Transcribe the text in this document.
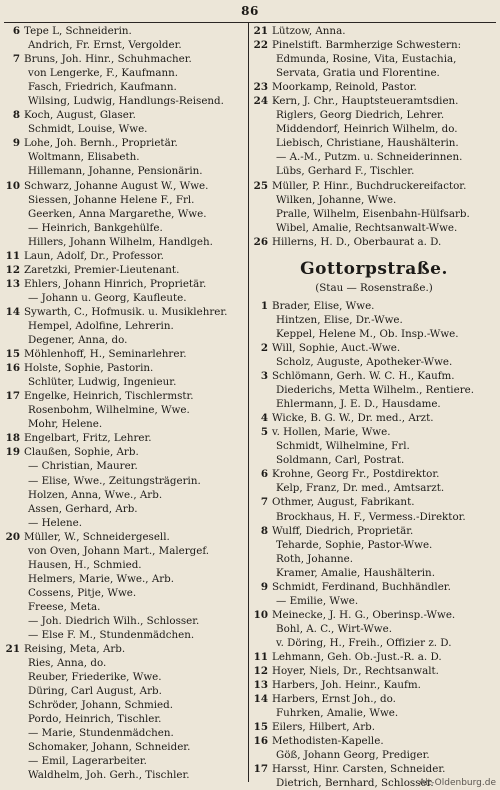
86
6 Tepe L, Schneiderin.
Andrich, Fr. Ernst, Vergolder.
7 Bruns, Joh. Hinr., Schuhmacher.
von Lengerke, F., Kaufmann.
Fasch, Friedrich, Kaufmann.
Wilsing, Ludwig, Handlungs-Reisend.
8 Koch, August, Glaser.
Schmidt, Louise, Wwe.
9 Lohe, Joh. Bernh., Proprietär.
Woltmann, Elisabeth.
Hillemann, Johanne, Pensionärin.
10 Schwarz, Johanne August W., Wwe.
Siessen, Johanne Helene F., Frl.
Geerken, Anna Margarethe, Wwe.
— Heinrich, Bankgehülfe.
Hillers, Johann Wilhelm, Handlgeh.
11 Laun, Adolf, Dr., Professor.
12 Zaretzki, Premier-Lieutenant.
13 Ehlers, Johann Hinrich, Proprietär.
— Johann u. Georg, Kaufleute.
14 Sywarth, C., Hofmusik. u. Musiklehrer.
Hempel, Adolfine, Lehrerin.
Degener, Anna, do.
15 Möhlenhoff, H., Seminarlehrer.
16 Holste, Sophie, Pastorin.
Schlüter, Ludwig, Ingenieur.
17 Engelke, Heinrich, Tischlermstr.
Rosenbohm, Wilhelmine, Wwe.
Mohr, Helene.
18 Engelbart, Fritz, Lehrer.
19 Claußen, Sophie, Arb.
— Christian, Maurer.
— Elise, Wwe., Zeitungsträgerin.
Holzen, Anna, Wwe., Arb.
Assen, Gerhard, Arb.
— Helene.
20 Müller, W., Schneidergesell.
von Oven, Johann Mart., Malergef.
Hausen, H., Schmied.
Helmers, Marie, Wwe., Arb.
Cossens, Pitje, Wwe.
Freese, Meta.
— Joh. Diedrich Wilh., Schlosser.
— Else F. M., Stundenmädchen.
21 Reising, Meta, Arb.
Ries, Anna, do.
Reuber, Friederike, Wwe.
Düring, Carl August, Arb.
Schröder, Johann, Schmied.
Pordo, Heinrich, Tischler.
— Marie, Stundenmädchen.
Schomaker, Johann, Schneider.
— Emil, Lagerarbeiter.
Waldhelm, Joh. Gerh., Tischler.
21 Lützow, Anna.
22 Pinelstift. Barmherzige Schwestern:
Edmunda, Rosine, Vita, Eustachia,
Servata, Gratia und Florentine.
23 Moorkamp, Reinold, Pastor.
24 Kern, J. Chr., Hauptsteueramtsdien.
Riglers, Georg Diedrich, Lehrer.
Middendorf, Heinrich Wilhelm, do.
Liebisch, Christiane, Haushälterin.
— A.-M., Putzm. u. Schneiderinnen.
Lübs, Gerhard F., Tischler.
25 Müller, P. Hinr., Buchdruckereifactor.
Wilken, Johanne, Wwe.
Pralle, Wilhelm, Eisenbahn-Hülfsarb.
Wibel, Amalie, Rechtsanwalt-Wwe.
26 Hillerns, H. D., Oberbaurat a. D.
Gottorpstraße.
(Stau — Rosenstraße.)
1 Brader, Elise, Wwe.
Hintzen, Elise, Dr.-Wwe.
Keppel, Helene M., Ob. Insp.-Wwe.
2 Will, Sophie, Auct.-Wwe.
Scholz, Auguste, Apotheker-Wwe.
3 Schlömann, Gerh. W. C. H., Kaufm.
Diederichs, Metta Wilhelm., Rentiere.
Ehlermann, J. E. D., Hausdame.
4 Wicke, B. G. W., Dr. med., Arzt.
5 v. Hollen, Marie, Wwe.
Schmidt, Wilhelmine, Frl.
Soldmann, Carl, Postrat.
6 Krohne, Georg Fr., Postdirektor.
Kelp, Franz, Dr. med., Amtsarzt.
7 Othmer, August, Fabrikant.
Brockhaus, H. F., Vermess.-Direktor.
8 Wulff, Diedrich, Proprietär.
Teharde, Sophie, Pastor-Wwe.
Roth, Johanne.
Kramer, Amalie, Haushälterin.
9 Schmidt, Ferdinand, Buchhändler.
— Emilie, Wwe.
10 Meinecke, J. H. G., Oberinsp.-Wwe.
Bohl, A. C., Wirt-Wwe.
v. Döring, H., Freih., Offizier z. D.
11 Lehmann, Geh. Ob.-Just.-R. a. D.
12 Hoyer, Niels, Dr., Rechtsanwalt.
13 Harbers, Joh. Heinr., Kaufm.
14 Harbers, Ernst Joh., do.
Fuhrken, Amalie, Wwe.
15 Eilers, Hilbert, Arb.
16 Methodisten-Kapelle.
Göß, Johann Georg, Prediger.
17 Harsst, Hinr. Carsten, Schneider.
Dietrich, Bernhard, Schlosser.
Alt-Oldenburg.de
